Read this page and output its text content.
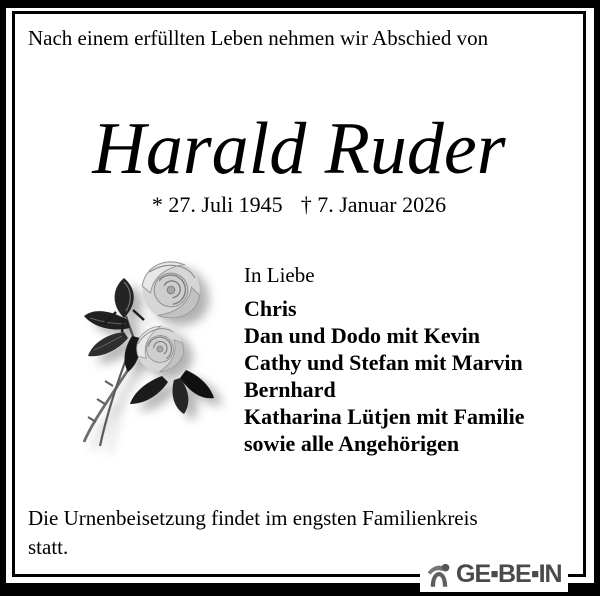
Nach einem erfüllten Leben nehmen wir Abschied von
Harald Ruder
* 27. Juli 1945 † 7. Januar 2026
In Liebe
Chris
Dan und Dodo mit Kevin
Cathy und Stefan mit Marvin
Bernhard
Katharina Lütjen mit Familie
sowie alle Angehörigen
Die Urnenbeisetzung findet im engsten Familienkreis
statt.
GE▪BE▪IN
